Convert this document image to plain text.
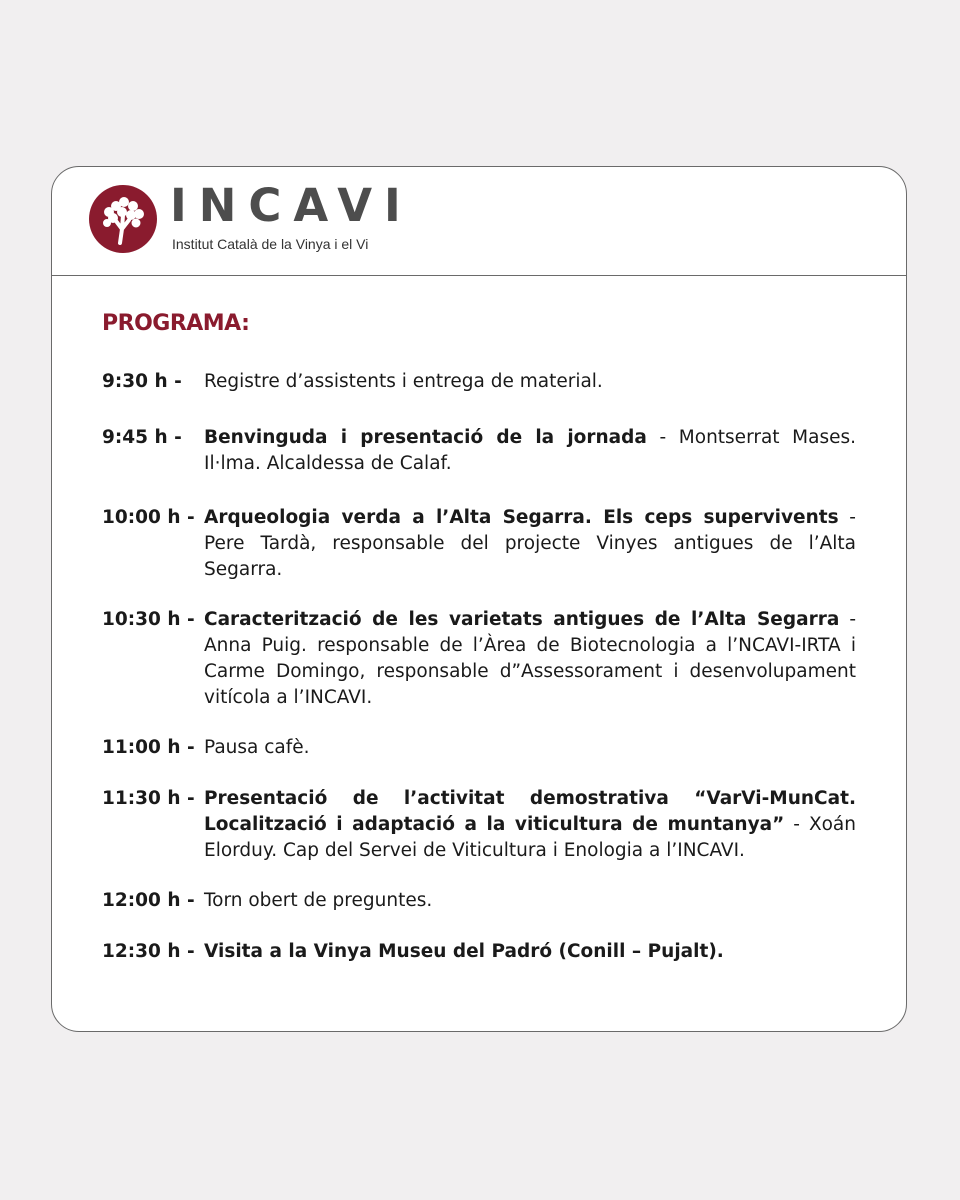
INCAVI
Institut Català de la Vinya i el Vi
PROGRAMA:
9:30 h -	Registre d’assistents i entrega de material.
9:45 h -	Benvinguda i presentació de la jornada - Montserrat Mases. Il·lma. Alcaldessa de Calaf.
10:00 h - Arqueologia verda a l’Alta Segarra. Els ceps supervivents - Pere Tardà, responsable del projecte Vinyes antigues de l’Alta Segarra.
10:30 h - Caracterització de les varietats antigues de l’Alta Segarra - Anna Puig. responsable de l’Àrea de Biotecnologia a l’NCAVI-IRTA i Carme Domingo, responsable d”Assessorament i desenvolupament vitícola a l’INCAVI.
11:00 h - Pausa cafè.
11:30 h - Presentació de l’activitat demostrativa “VarVi-MunCat. Localització i adaptació a la viticultura de muntanya” - Xoán Elorduy. Cap del Servei de Viticultura i Enologia a l’INCAVI.
12:00 h - Torn obert de preguntes.
12:30 h - Visita a la Vinya Museu del Padró (Conill – Pujalt).
